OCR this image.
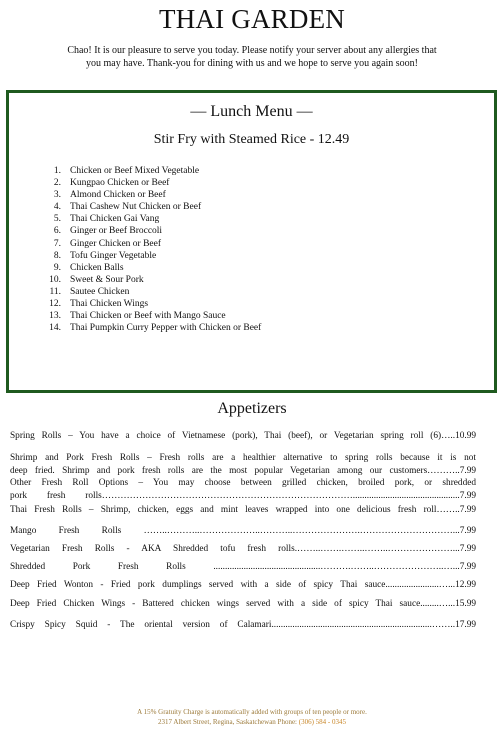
THAI GARDEN
Chao! It is our pleasure to serve you today. Please notify your server about any allergies that
you may have. Thank-you for dining with us and we hope to serve you again soon!
— Lunch Menu —
Stir Fry with Steamed Rice - 12.49
1. Chicken or Beef Mixed Vegetable
2. Kungpao Chicken or Beef
3. Almond Chicken or Beef
4. Thai Cashew Nut Chicken or Beef
5. Thai Chicken Gai Vang
6. Ginger or Beef Broccoli
7. Ginger Chicken or Beef
8. Tofu Ginger Vegetable
9. Chicken Balls
10. Sweet & Sour Pork
11. Sautee Chicken
12. Thai Chicken Wings
13. Thai Chicken or Beef with Mango Sauce
14. Thai Pumpkin Curry Pepper with Chicken or Beef
Appetizers
Spring Rolls – You have a choice of Vietnamese (pork), Thai (beef), or Vegetarian spring roll (6)…..10.99
Shrimp and Pork Fresh Rolls – Fresh rolls are a healthier alternative to spring rolls because it is not
deep fried. Shrimp and pork fresh rolls are the most popular Vegetarian among our customers………..7.99
Other Fresh Roll Options – You may choose between grilled chicken, broiled pork, or shredded
pork fresh rolls………………………………………………………………………..............................................7.99
Thai Fresh Rolls – Shrimp, chicken, eggs and mint leaves wrapped into one delicious fresh roll……..7.99
Mango Fresh Rolls ……..………..………………..………..………………….…………………………...7.99
Vegetarian Fresh Rolls - AKA Shredded tofu fresh rolls.……..…….……..……..…………………...7.99
Shredded Pork Fresh Rolls ..............................................……….……..…………………..…...7.99
Deep Fried Wonton - Fried pork dumplings served with a side of spicy Thai sauce.......................…...12.99
Deep Fried Chicken Wings - Battered chicken wings served with a side of spicy Thai sauce........…...15.99
Crispy Spicy Squid - The oriental version of Calamari.....................................................................……..17.99
A 15% Gratuity Charge is automatically added with groups of ten people or more.
2317 Albert Street, Regina, Saskatchewan Phone: (306) 584 - 0345
